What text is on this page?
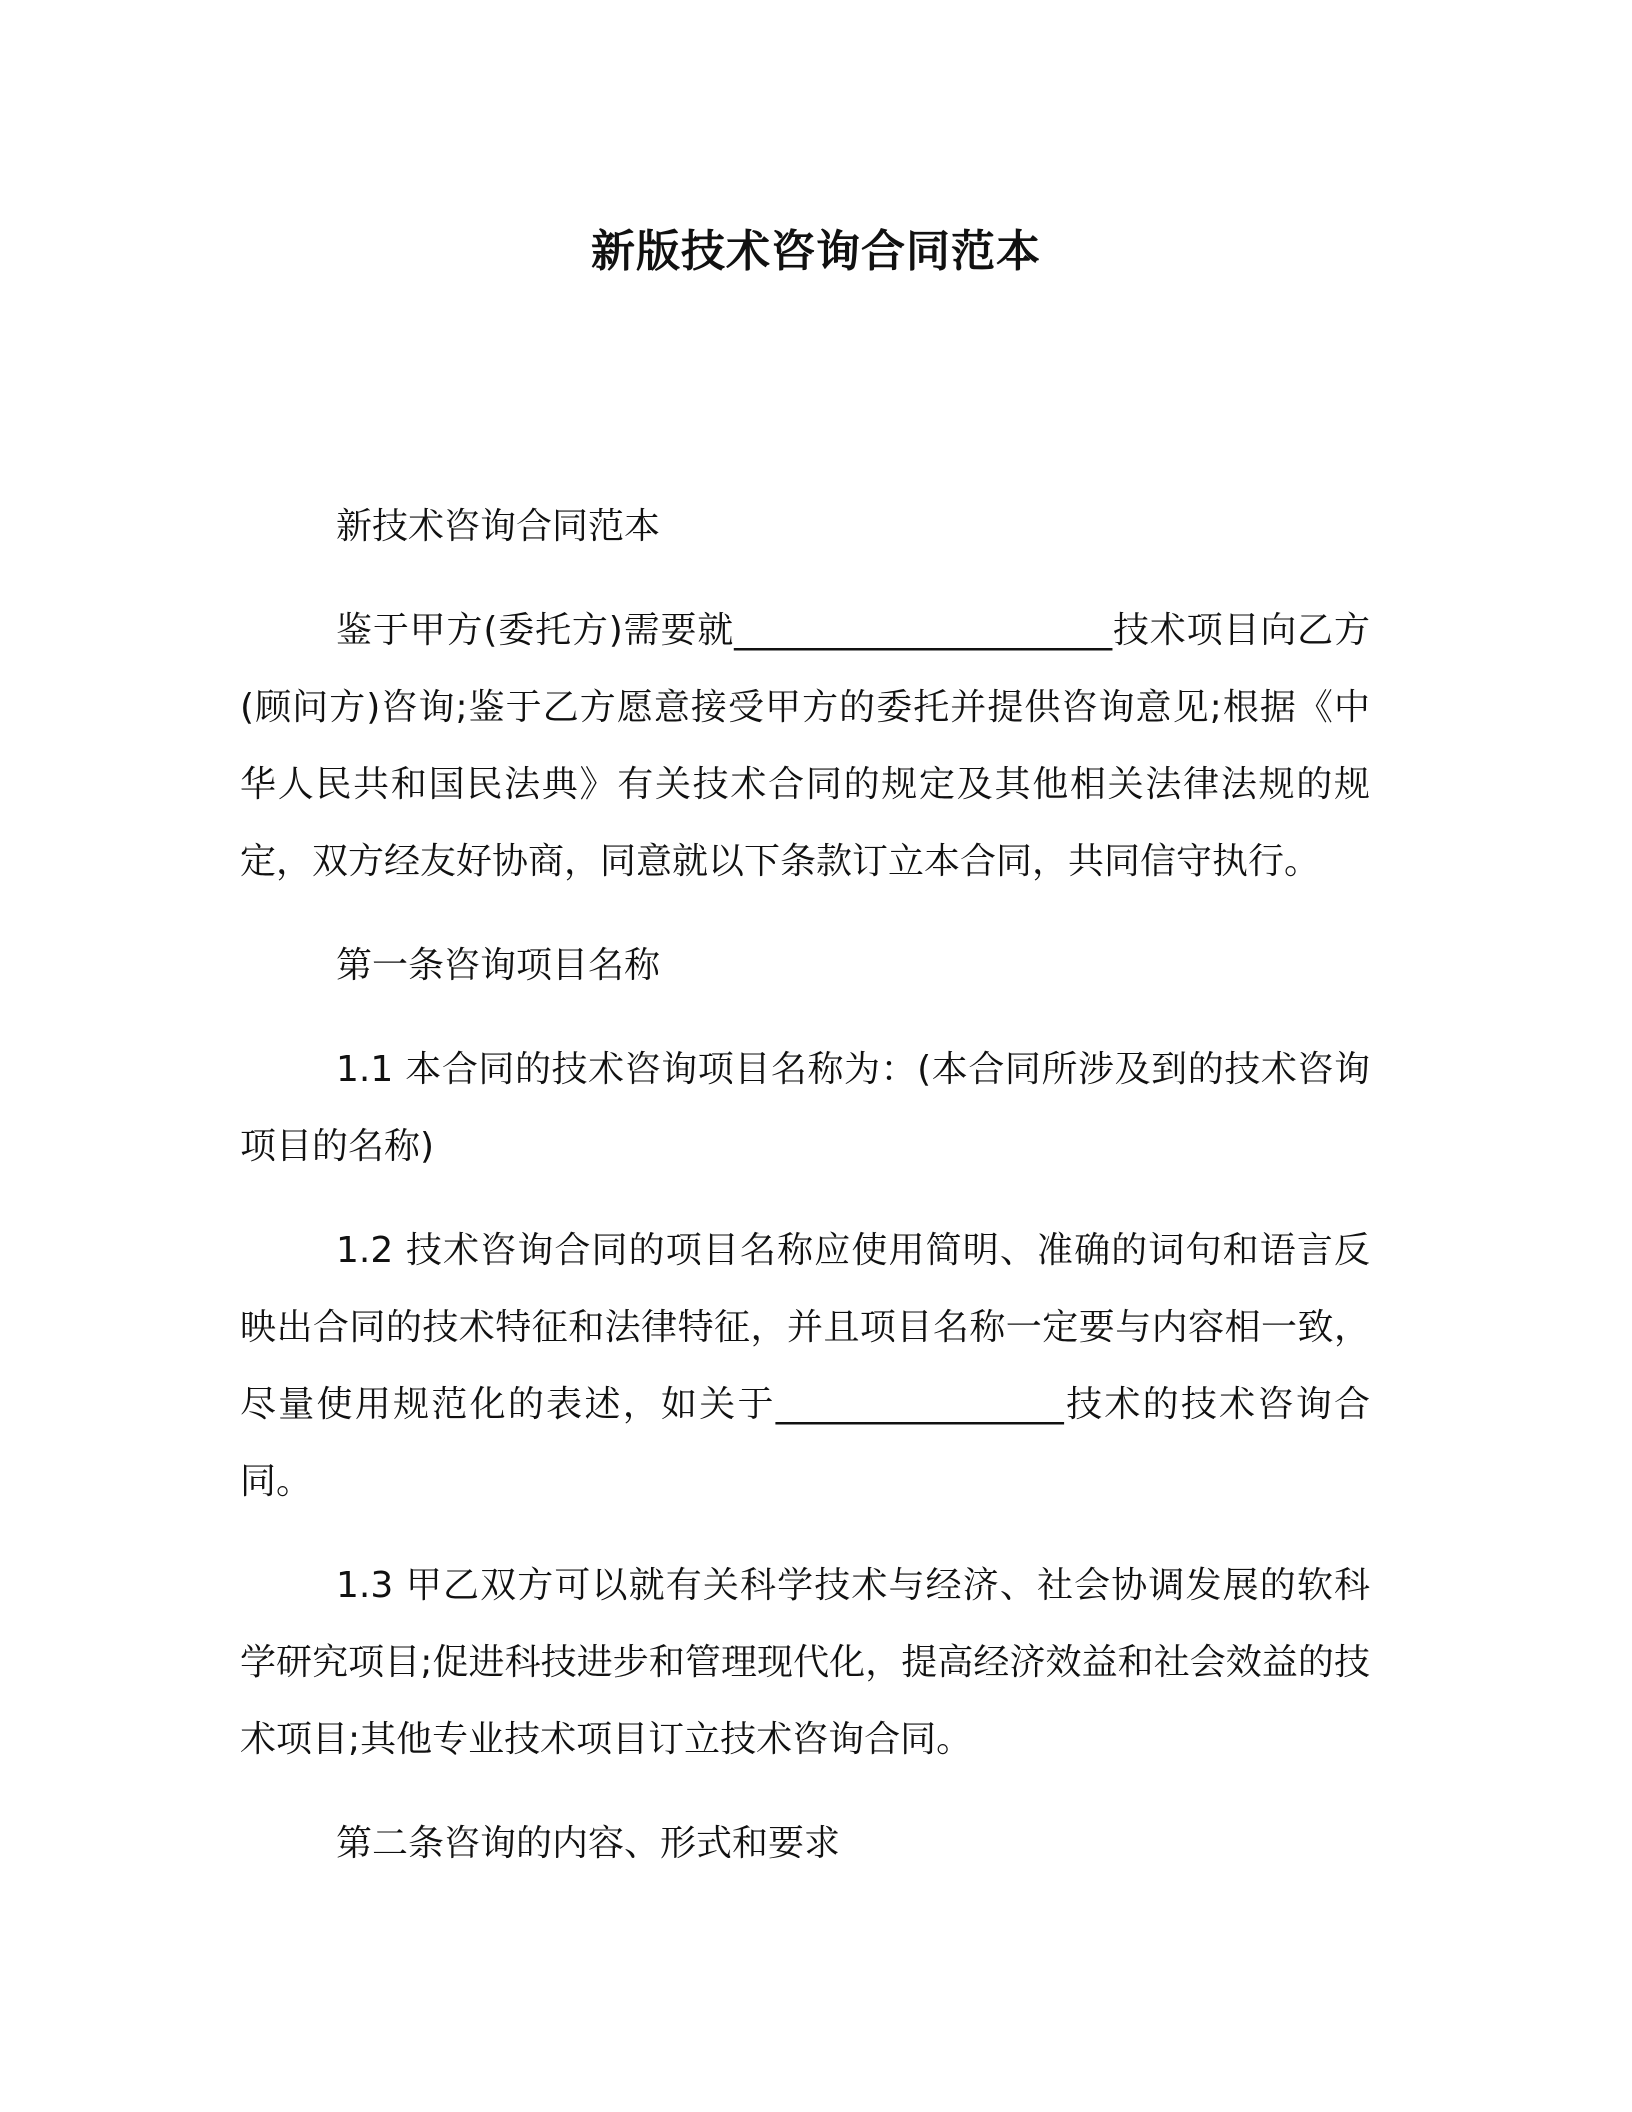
新版技术咨询合同范本

新技术咨询合同范本

鉴于甲方(委托方)需要就_____________________技术项目向乙方(顾问方)咨询;鉴于乙方愿意接受甲方的委托并提供咨询意见;根据《中华人民共和国民法典》有关技术合同的规定及其他相关法律法规的规定，双方经友好协商，同意就以下条款订立本合同，共同信守执行。

第一条咨询项目名称

1.1 本合同的技术咨询项目名称为：(本合同所涉及到的技术咨询项目的名称)

1.2 技术咨询合同的项目名称应使用简明、准确的词句和语言反映出合同的技术特征和法律特征，并且项目名称一定要与内容相一致，尽量使用规范化的表述，如关于________________技术的技术咨询合同。

1.3 甲乙双方可以就有关科学技术与经济、社会协调发展的软科学研究项目;促进科技进步和管理现代化，提高经济效益和社会效益的技术项目;其他专业技术项目订立技术咨询合同。

第二条咨询的内容、形式和要求
